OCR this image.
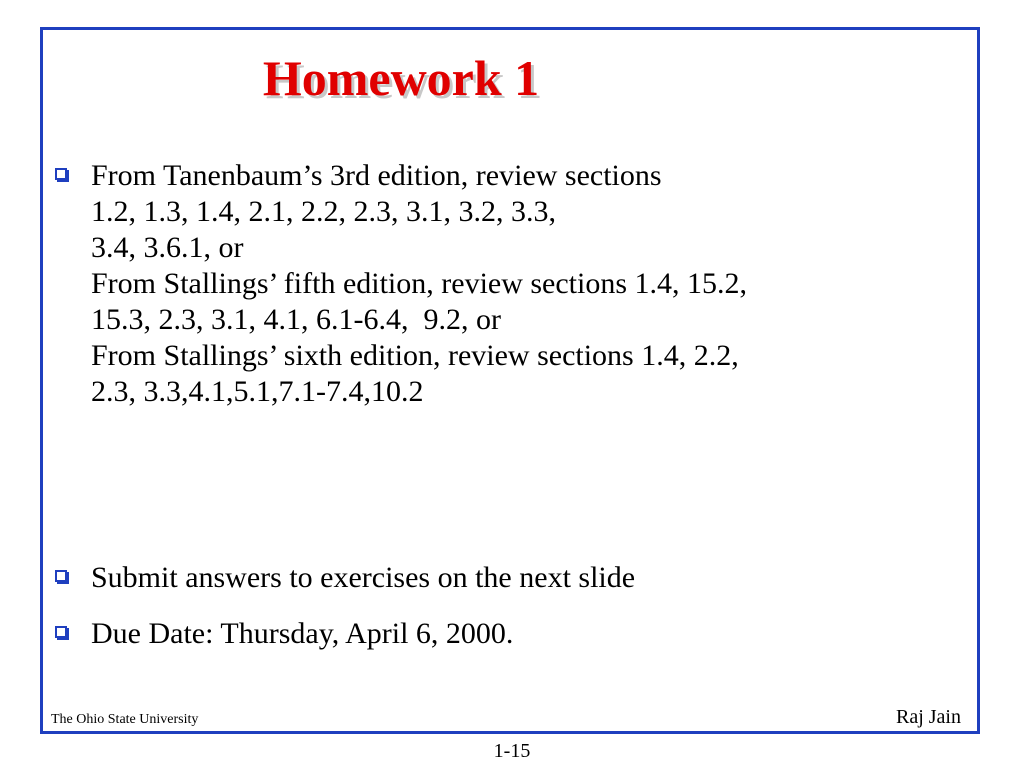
Homework 1
From Tanenbaum’s 3rd edition, review sections
1.2, 1.3, 1.4, 2.1, 2.2, 2.3, 3.1, 3.2, 3.3,
3.4, 3.6.1, or
From Stallings’ fifth edition, review sections 1.4, 15.2,
15.3, 2.3, 3.1, 4.1, 6.1-6.4,  9.2, or
From Stallings’ sixth edition, review sections 1.4, 2.2,
2.3, 3.3,4.1,5.1,7.1-7.4,10.2
Submit answers to exercises on the next slide
Due Date: Thursday, April 6, 2000.
The Ohio State University	Raj Jain
1-15
